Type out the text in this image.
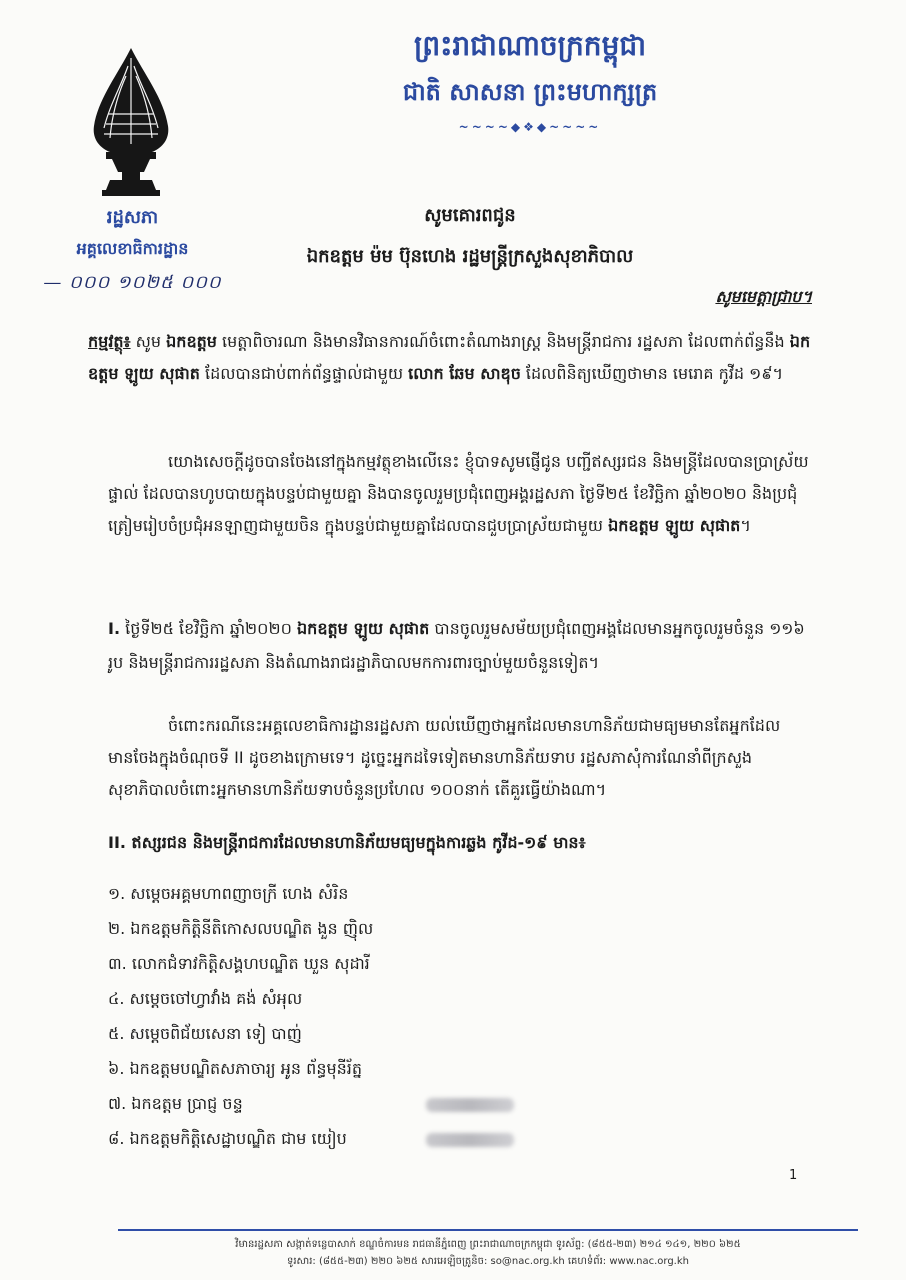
ព្រះរាជាណាចក្រកម្ពុជា
ជាតិ សាសនា ព្រះមហាក្សត្រ
~~~~◆❖◆~~~~
រដ្ឋសភា
អគ្គលេខាធិការដ្ឋាន
— ០០០ ១០២៥ ០០០
សូមគោរពជូន
ឯកឧត្តម ម៉ម ប៊ុនហេង រដ្ឋមន្ត្រីក្រសួងសុខាភិបាល
សូមមេត្តាជ្រាប។
កម្មវត្ថុ៖ សូម ឯកឧត្តម មេត្តាពិចារណា និងមានវិធានការណ៍ចំពោះតំណាងរាស្ត្រ និងមន្ត្រីរាជការ រដ្ឋសភា ដែលពាក់ព័ន្ធនឹង ឯកឧត្តម ឡូយ សុផាត ដែលបានជាប់ពាក់ព័ន្ធផ្ទាល់ជាមួយ លោក ឆែម សាឌុច ដែលពិនិត្យឃើញថាមាន មេរោគ កូវីដ ១៩។
យោងសេចក្តីដូចបានចែងនៅក្នុងកម្មវត្ថុខាងលើនេះ ខ្ញុំបាទសូមផ្ញើជូន បញ្ជីឥស្សរជន និងមន្ត្រីដែលបានប្រាស្រ័យផ្ទាល់ ដែលបានហូបបាយក្នុងបន្ទប់ជាមួយគ្នា និងបានចូលរួមប្រជុំពេញអង្គរដ្ឋសភា ថ្ងៃទី២៥ ខែវិច្ឆិកា ឆ្នាំ២០២០ និងប្រជុំត្រៀមរៀបចំប្រជុំអនឡាញជាមួយចិន ក្នុងបន្ទប់ជាមួយគ្នាដែលបានជួបប្រាស្រ័យជាមួយ ឯកឧត្តម ឡូយ សុផាត។
I. ថ្ងៃទី២៥ ខែវិច្ឆិកា ឆ្នាំ២០២០ ឯកឧត្តម ឡូយ សុផាត បានចូលរួមសម័យប្រជុំពេញអង្គដែលមានអ្នកចូលរួមចំនួន ១១៦ រូប និងមន្ត្រីរាជការរដ្ឋសភា និងតំណាងរាជរដ្ឋាភិបាលមកការពារច្បាប់មួយចំនួនទៀត។
ចំពោះករណីនេះអគ្គលេខាធិការដ្ឋានរដ្ឋសភា យល់ឃើញថាអ្នកដែលមានហានិភ័យជាមធ្យមមានតែអ្នកដែលមានចែងក្នុងចំណុចទី II ដូចខាងក្រោមទេ។ ដូច្នេះអ្នកដទៃទៀតមានហានិភ័យទាប រដ្ឋសភាសុំការណែនាំពីក្រសួងសុខាភិបាលចំពោះអ្នកមានហានិភ័យទាបចំនួនប្រហែល ១០០នាក់ តើគួរធ្វើយ៉ាងណា។
II. ឥស្សរជន និងមន្ត្រីរាជការដែលមានហានិភ័យមធ្យមក្នុងការឆ្លង កូវីដ-១៩ មាន៖
១. សម្តេចអគ្គមហាពញាចក្រី ហេង សំរិន
២. ឯកឧត្តមកិត្តិនីតិកោសលបណ្ឌិត ងួន ញ៉ិល
៣. លោកជំទាវកិត្តិសង្គហបណ្ឌិត ឃួន សុដារី
៤. សម្តេចចៅហ្វាវាំង គង់ សំអុល
៥. សម្តេចពិជ័យសេនា ទៀ បាញ់
៦. ឯកឧត្តមបណ្ឌិតសភាចារ្យ អូន ព័ន្ធមុនីរ័ត្ន
៧. ឯកឧត្តម ប្រាជ្ញ ចន្ទ
៨. ឯកឧត្តមកិត្តិសេដ្ឋាបណ្ឌិត ជាម យៀប
1
វិមានរដ្ឋសភា សង្កាត់ទន្លេបាសាក់ ខណ្ឌចំការមន រាជធានីភ្នំពេញ ព្រះរាជាណាចក្រកម្ពុជា ទូរស័ព្ទ: (៨៥៥-២៣) ២១៤ ១៤១, ២២០ ៦២៥
ទូរសារ: (៨៥៥-២៣) ២២០ ៦២៥ សារអេឡិចត្រូនិច: so@nac.org.kh គេហទំព័រ: www.nac.org.kh
